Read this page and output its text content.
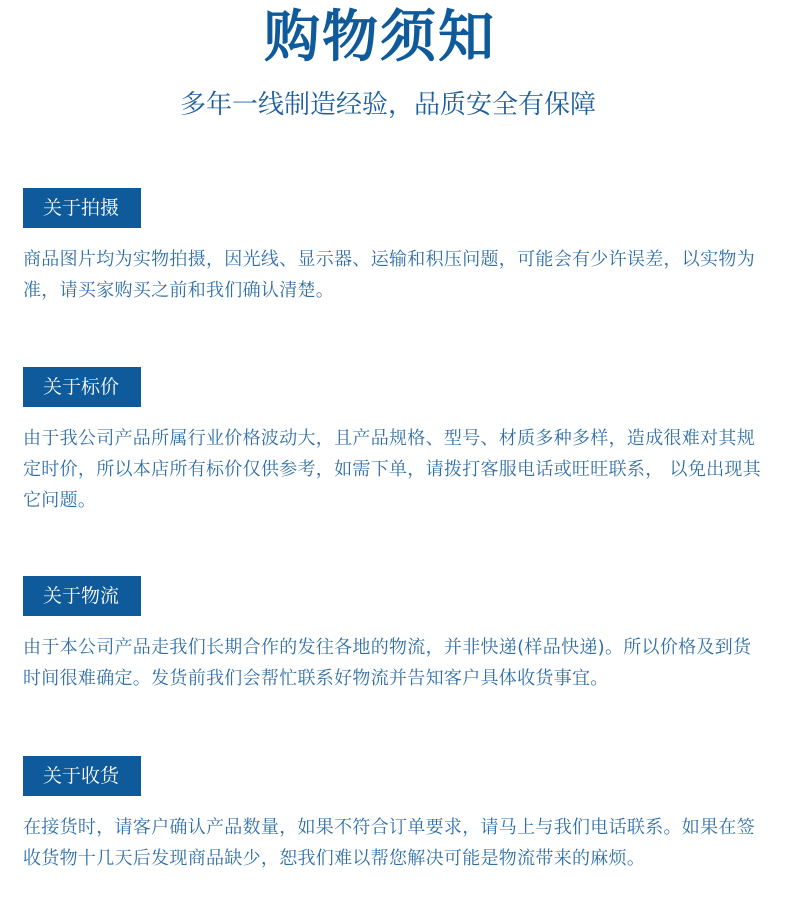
购物须知
多年一线制造经验，品质安全有保障
关于拍摄

商品图片均为实物拍摄，因光线、显示器、运输和积压问题，可能会有少许误差，以实物为准，请买家购买之前和我们确认清楚。

关于标价

由于我公司产品所属行业价格波动大，且产品规格、型号、材质多种多样，造成很难对其规定时价，所以本店所有标价仅供参考，如需下单，请拨打客服电话或旺旺联系， 以免出现其它问题。

关于物流

由于本公司产品走我们长期合作的发往各地的物流，并非快递(样品快递)。所以价格及到货时间很难确定。发货前我们会帮忙联系好物流并告知客户具体收货事宜。

关于收货

在接货时，请客户确认产品数量，如果不符合订单要求，请马上与我们电话联系。如果在签收货物十几天后发现商品缺少，恕我们难以帮您解决可能是物流带来的麻烦。
